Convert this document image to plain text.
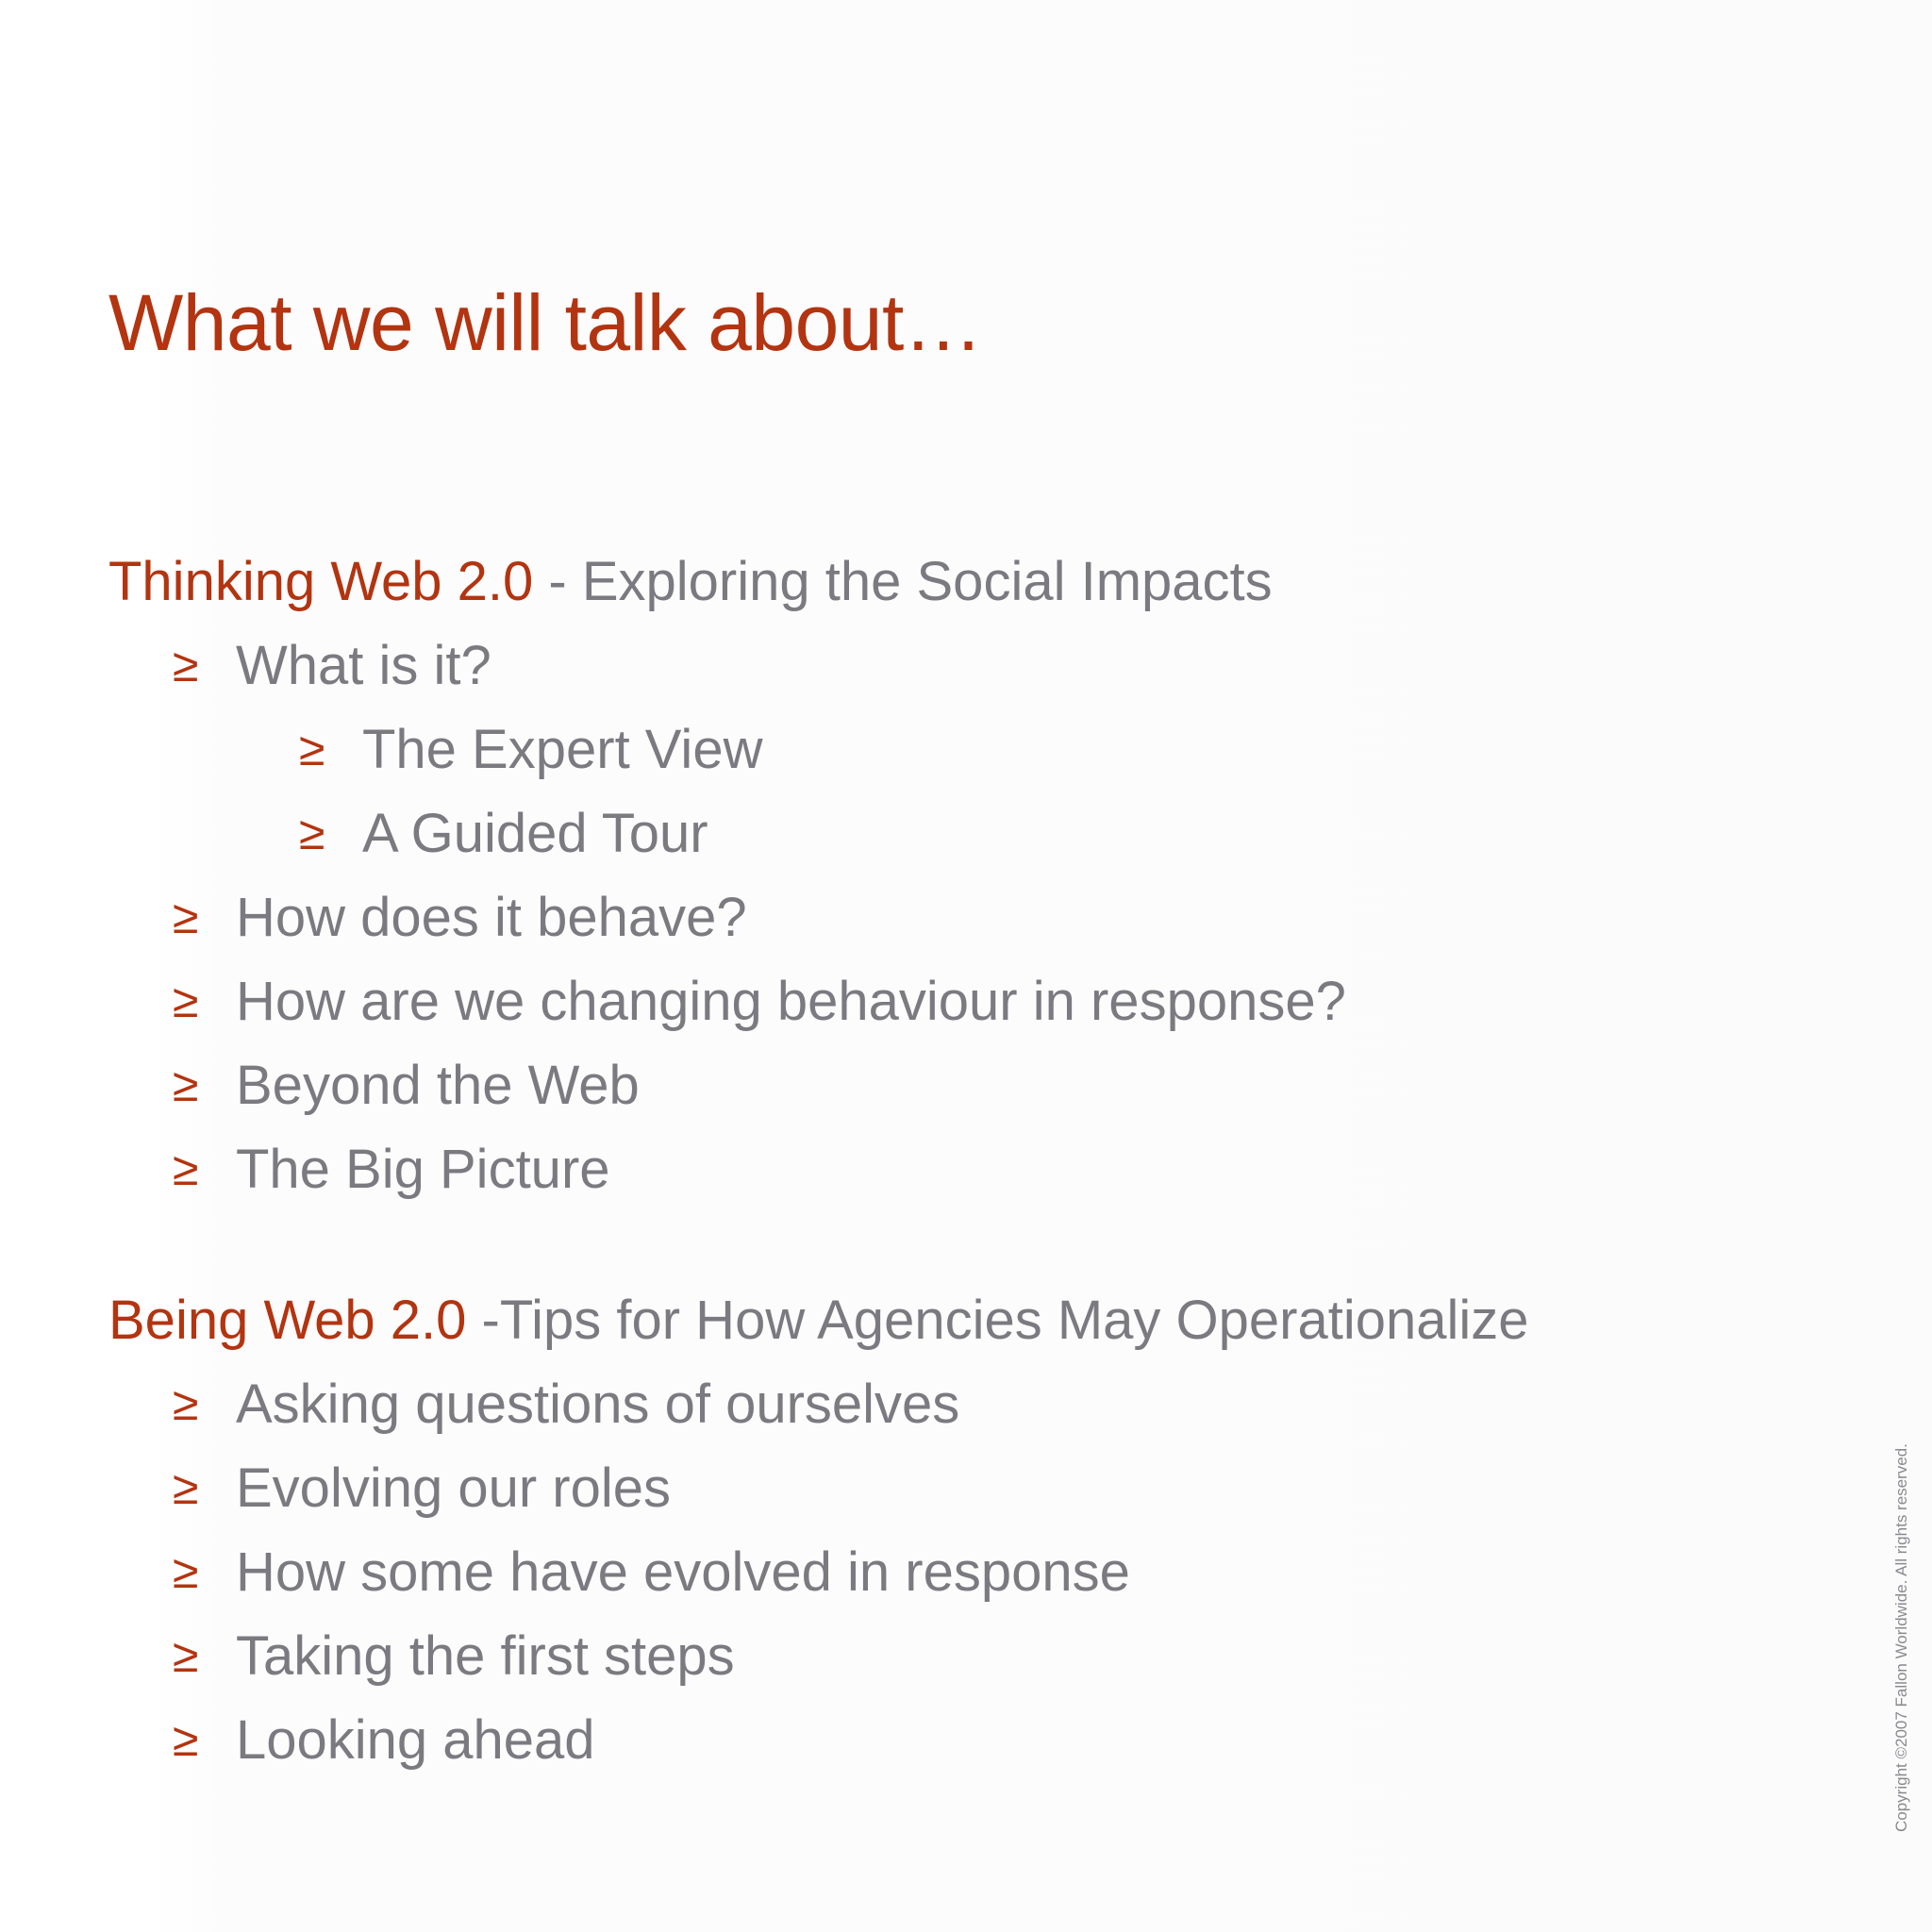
What we will talk about…
Thinking Web 2.0 - Exploring the Social Impacts
≥ What is it?
≥ The Expert View
≥ A Guided Tour
≥ How does it behave?
≥ How are we changing behaviour in response?
≥ Beyond the Web
≥ The Big Picture
Being Web 2.0 -Tips for How Agencies May Operationalize
≥ Asking questions of ourselves
≥ Evolving our roles
≥ How some have evolved in response
≥ Taking the first steps
≥ Looking ahead	Copyright ©2007 Fallon Worldwide. All rights reserved.
